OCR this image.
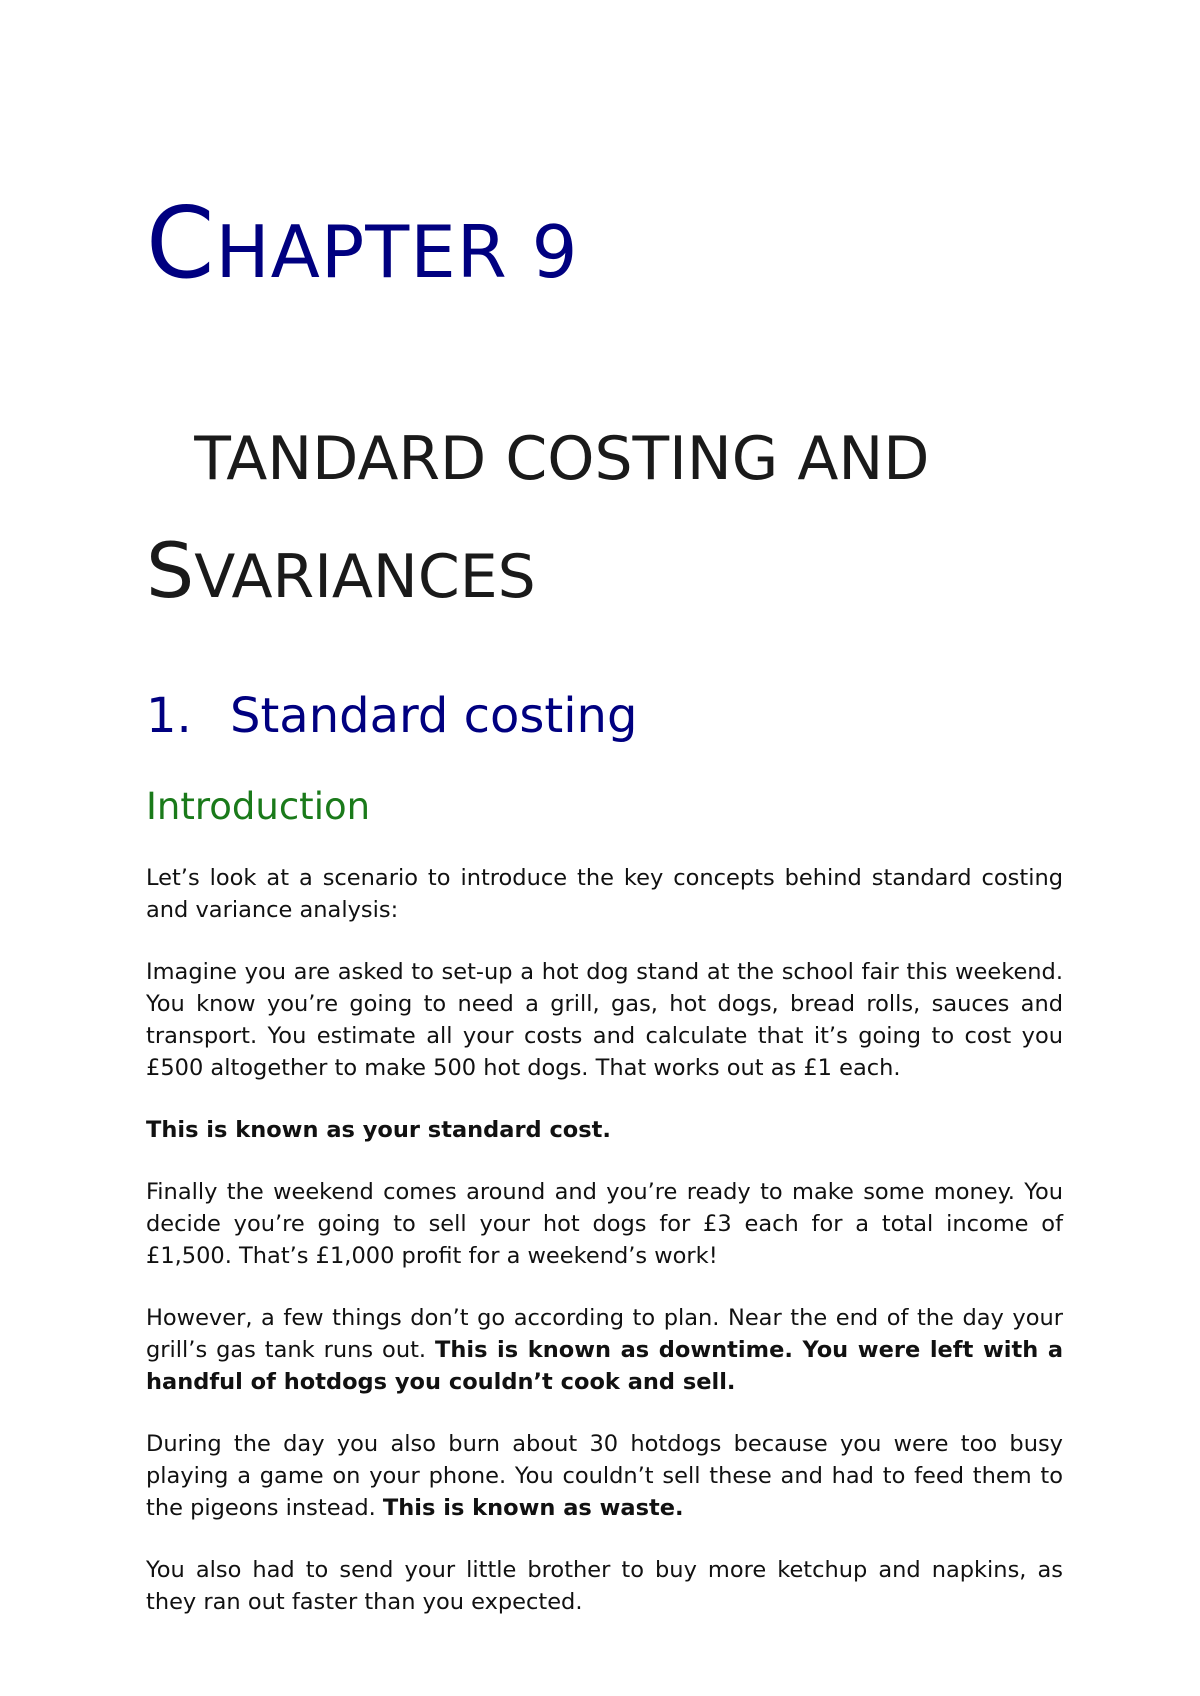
CHAPTER 9
STANDARD COSTING AND VARIANCES
1. Standard costing
Introduction

Let’s look at a scenario to introduce the key concepts behind standard costing and variance analysis:

Imagine you are asked to set-up a hot dog stand at the school fair this weekend. You know you’re going to need a grill, gas, hot dogs, bread rolls, sauces and transport. You estimate all your costs and calculate that it’s going to cost you £500 altogether to make 500 hot dogs. That works out as £1 each.

This is known as your standard cost.

Finally the weekend comes around and you’re ready to make some money. You decide you’re going to sell your hot dogs for £3 each for a total income of £1,500. That’s £1,000 profit for a weekend’s work!

However, a few things don’t go according to plan. Near the end of the day your grill’s gas tank runs out. This is known as downtime. You were left with a handful of hotdogs you couldn’t cook and sell.

During the day you also burn about 30 hotdogs because you were too busy playing a game on your phone. You couldn’t sell these and had to feed them to the pigeons instead. This is known as waste.

You also had to send your little brother to buy more ketchup and napkins, as they ran out faster than you expected.
